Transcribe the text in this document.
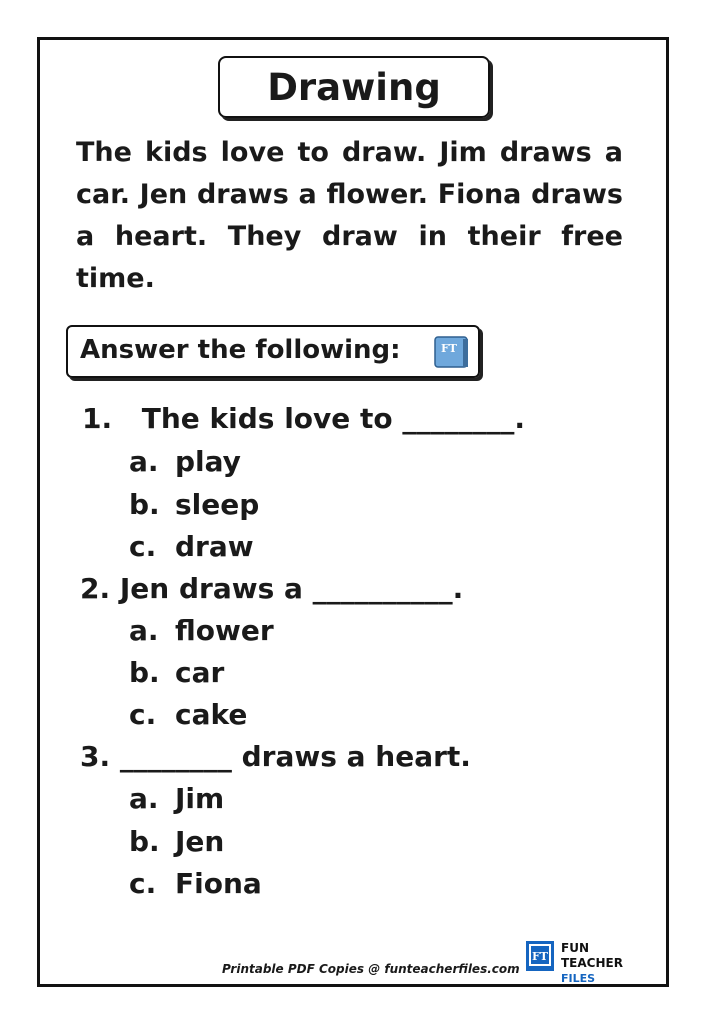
Drawing
The kids love to draw. Jim draws a car. Jen draws a flower. Fiona draws a heart. They draw in their free time.
Answer the following:	FT
1. The kids love to ________.
a. play
b. sleep
c. draw
2. Jen draws a __________.
a. flower
b. car
c. cake
3. ________ draws a heart.
a. Jim
b. Jen
c. Fiona
Printable PDF Copies @ funteacherfiles.com
FT
FUN TEACHER
FILES
